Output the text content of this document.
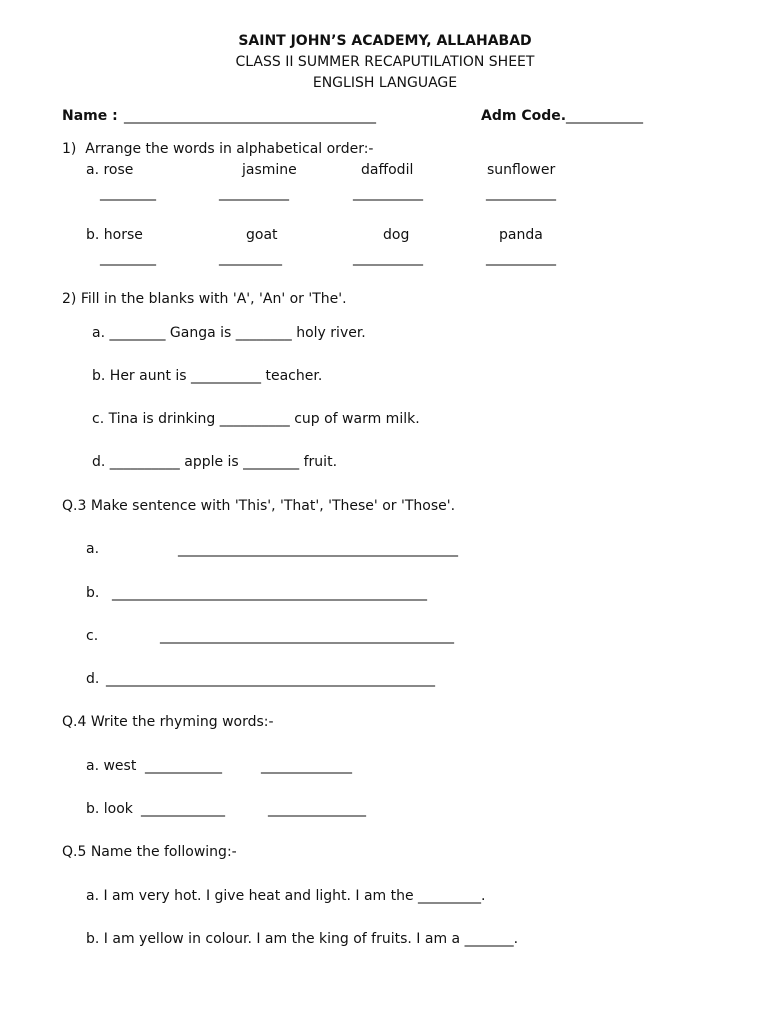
SAINT JOHN’S ACADEMY, ALLAHABAD
CLASS II SUMMER RECAPUTILATION SHEET
ENGLISH LANGUAGE
Name : ____________________________________	Adm Code. ___________
1)  Arrange the words in alphabetical order:-
a. rose	jasmine	daffodil	sunflower
________	__________	__________	__________
b. horse	goat	dog	panda
________	_________	__________	__________
2) Fill in the blanks with 'A', 'An' or 'The'.
a. ________ Ganga is ________ holy river.
b. Her aunt is __________ teacher.
c. Tina is drinking __________ cup of warm milk.
d. __________ apple is ________ fruit.
Q.3 Make sentence with 'This', 'That', 'These' or 'Those'.
a.	________________________________________
b. _____________________________________________
c.	__________________________________________
d. _______________________________________________
Q.4 Write the rhyming words:-
a. west ___________	_____________
b. look ____________	______________
Q.5 Name the following:-
a. I am very hot. I give heat and light. I am the _________.
b. I am yellow in colour. I am the king of fruits. I am a _______.
